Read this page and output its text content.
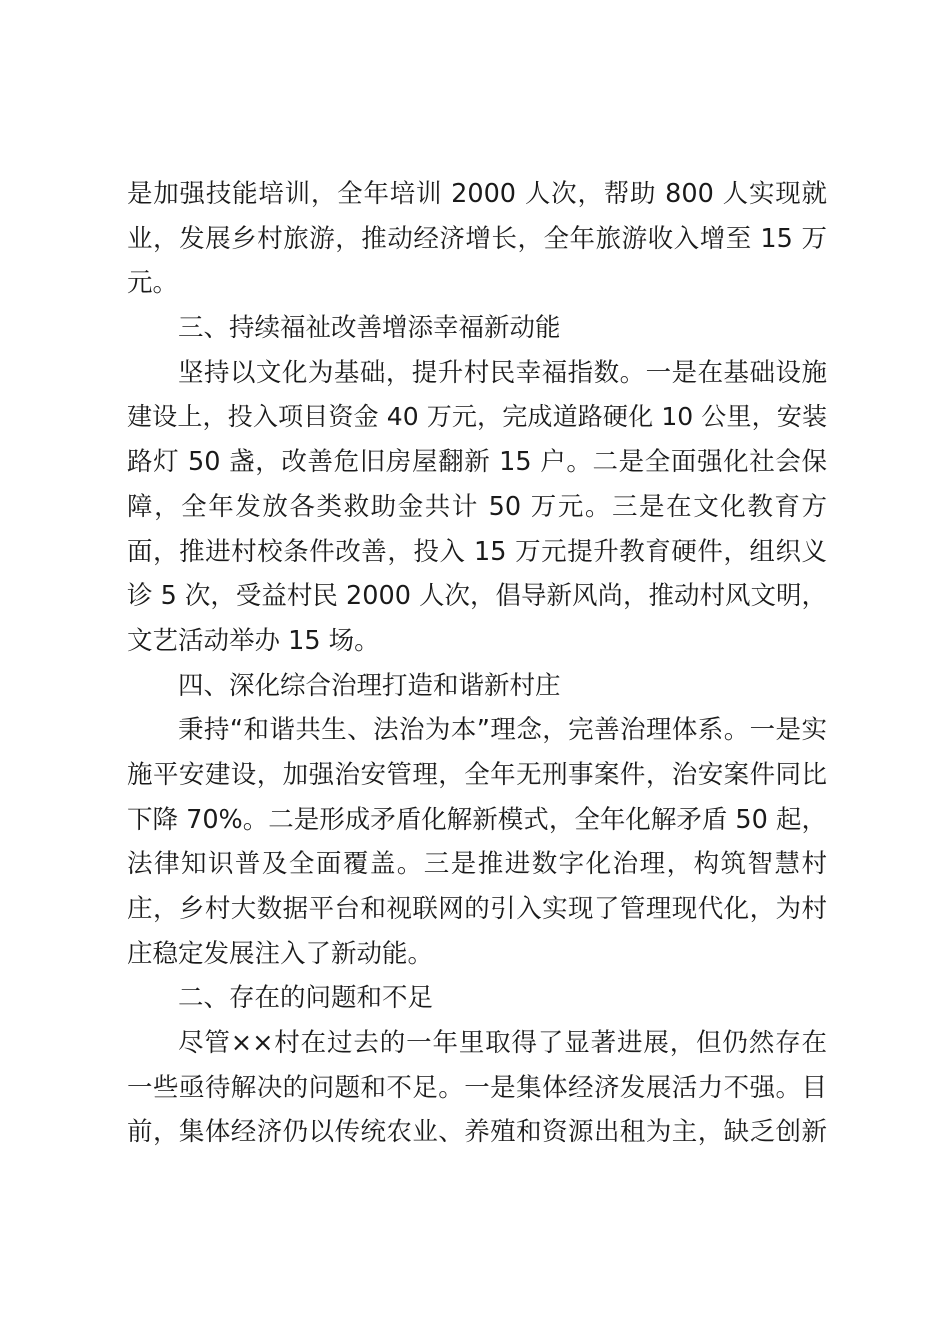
是加强技能培训，全年培训 2000 人次，帮助 800 人实现就
业，发展乡村旅游，推动经济增长，全年旅游收入增至 15 万
元。
三、持续福祉改善增添幸福新动能
坚持以文化为基础，提升村民幸福指数。一是在基础设施
建设上，投入项目资金 40 万元，完成道路硬化 10 公里，安装
路灯 50 盏，改善危旧房屋翻新 15 户。二是全面强化社会保
障，全年发放各类救助金共计 50 万元。三是在文化教育方
面，推进村校条件改善，投入 15 万元提升教育硬件，组织义
诊 5 次，受益村民 2000 人次，倡导新风尚，推动村风文明，
文艺活动举办 15 场。
四、深化综合治理打造和谐新村庄
秉持“和谐共生、法治为本”理念，完善治理体系。一是实
施平安建设，加强治安管理，全年无刑事案件，治安案件同比
下降 70%。二是形成矛盾化解新模式，全年化解矛盾 50 起，
法律知识普及全面覆盖。三是推进数字化治理，构筑智慧村
庄，乡村大数据平台和视联网的引入实现了管理现代化，为村
庄稳定发展注入了新动能。
二、存在的问题和不足
尽管××村在过去的一年里取得了显著进展，但仍然存在
一些亟待解决的问题和不足。一是集体经济发展活力不强。目
前，集体经济仍以传统农业、养殖和资源出租为主，缺乏创新
